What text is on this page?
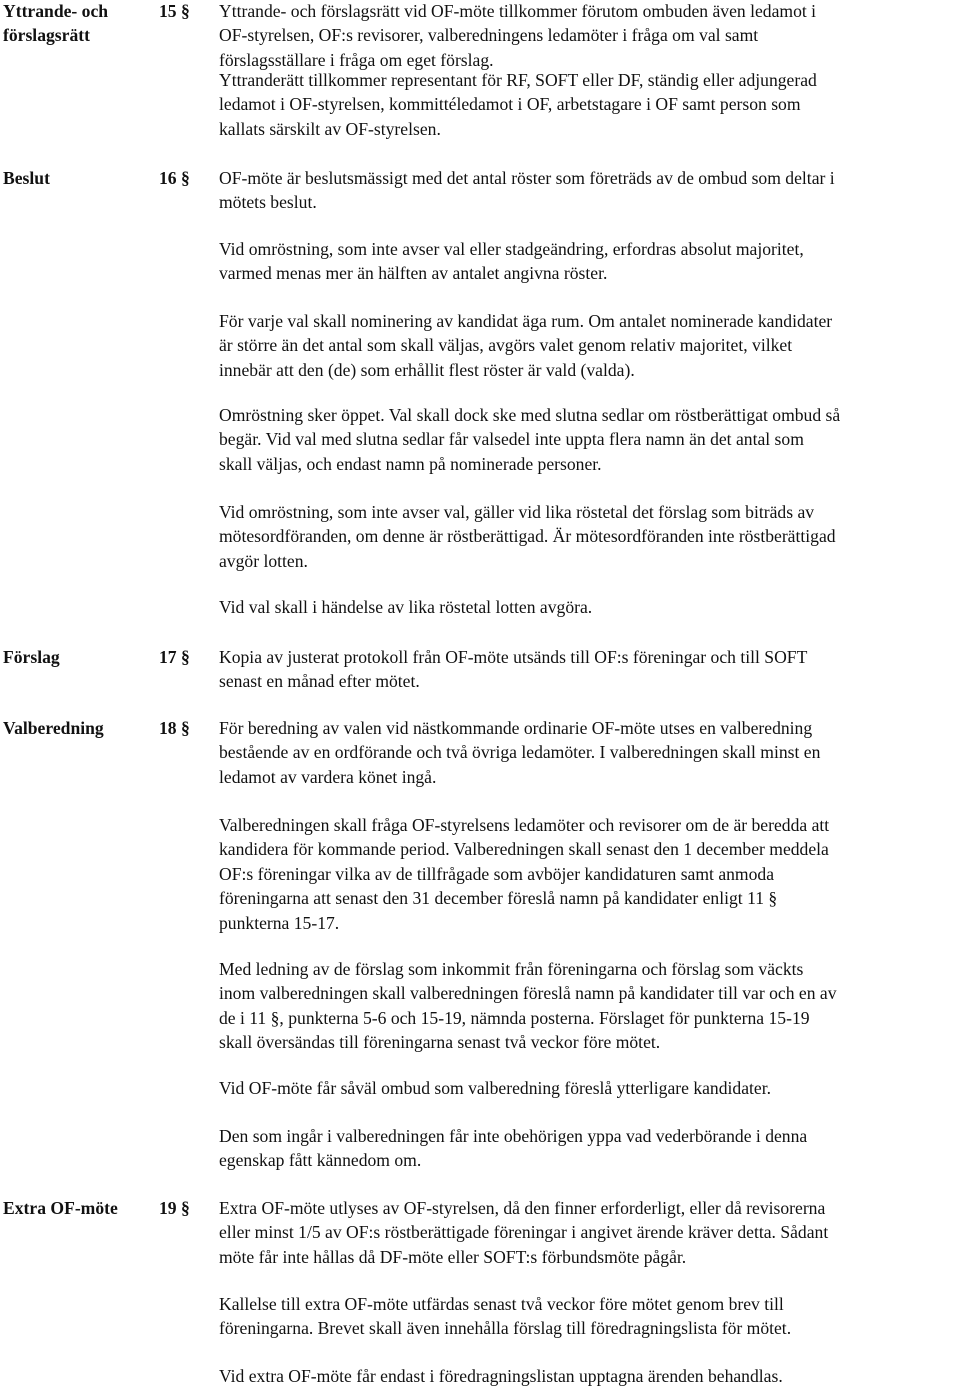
Yttrande- och
förslagsrätt
15 §	Yttrande- och förslagsrätt vid OF-möte tillkommer förutom ombuden även ledamot i

OF-styrelsen, OF:s revisorer, valberedningens ledamöter i fråga om val samt

förslagsställare i fråga om eget förslag.

Yttranderätt tillkommer representant för RF, SOFT eller DF, ständig eller adjungerad

ledamot i OF-styrelsen, kommittéledamot i OF, arbetstagare i OF samt person som

kallats särskilt av OF-styrelsen.

Beslut	16 §	OF-möte är beslutsmässigt med det antal röster som företräds av de ombud som deltar i

mötets beslut.

Vid omröstning, som inte avser val eller stadgeändring, erfordras absolut majoritet,

varmed menas mer än hälften av antalet angivna röster.

För varje val skall nominering av kandidat äga rum. Om antalet nominerade kandidater

är större än det antal som skall väljas, avgörs valet genom relativ majoritet, vilket

innebär att den (de) som erhållit flest röster är vald (valda).

Omröstning sker öppet. Val skall dock ske med slutna sedlar om röstberättigat ombud så

begär. Vid val med slutna sedlar får valsedel inte uppta flera namn än det antal som

skall väljas, och endast namn på nominerade personer.

Vid omröstning, som inte avser val, gäller vid lika röstetal det förslag som biträds av

mötesordföranden, om denne är röstberättigad. Är mötesordföranden inte röstberättigad

avgör lotten.

Vid val skall i händelse av lika röstetal lotten avgöra.

Förslag	17 §	Kopia av justerat protokoll från OF-möte utsänds till OF:s föreningar och till SOFT

senast en månad efter mötet.

Valberedning	18 §	För beredning av valen vid nästkommande ordinarie OF-möte utses en valberedning

bestående av en ordförande och två övriga ledamöter. I valberedningen skall minst en

ledamot av vardera könet ingå.

Valberedningen skall fråga OF-styrelsens ledamöter och revisorer om de är beredda att

kandidera för kommande period. Valberedningen skall senast den 1 december meddela

OF:s föreningar vilka av de tillfrågade som avböjer kandidaturen samt anmoda

föreningarna att senast den 31 december föreslå namn på kandidater enligt 11 §

punkterna 15-17.

Med ledning av de förslag som inkommit från föreningarna och förslag som väckts

inom valberedningen skall valberedningen föreslå namn på kandidater till var och en av

de i 11 §, punkterna 5-6 och 15-19, nämnda posterna. Förslaget för punkterna 15-19

skall översändas till föreningarna senast två veckor före mötet.

Vid OF-möte får såväl ombud som valberedning föreslå ytterligare kandidater.

Den som ingår i valberedningen får inte obehörigen yppa vad vederbörande i denna

egenskap fått kännedom om.

Extra OF-möte	19 §	Extra OF-möte utlyses av OF-styrelsen, då den finner erforderligt, eller då revisorerna

eller minst 1/5 av OF:s röstberättigade föreningar i angivet ärende kräver detta. Sådant

möte får inte hållas då DF-möte eller SOFT:s förbundsmöte pågår.

Kallelse till extra OF-möte utfärdas senast två veckor före mötet genom brev till

föreningarna. Brevet skall även innehålla förslag till föredragningslista för mötet.

Vid extra OF-möte får endast i föredragningslistan upptagna ärenden behandlas.
